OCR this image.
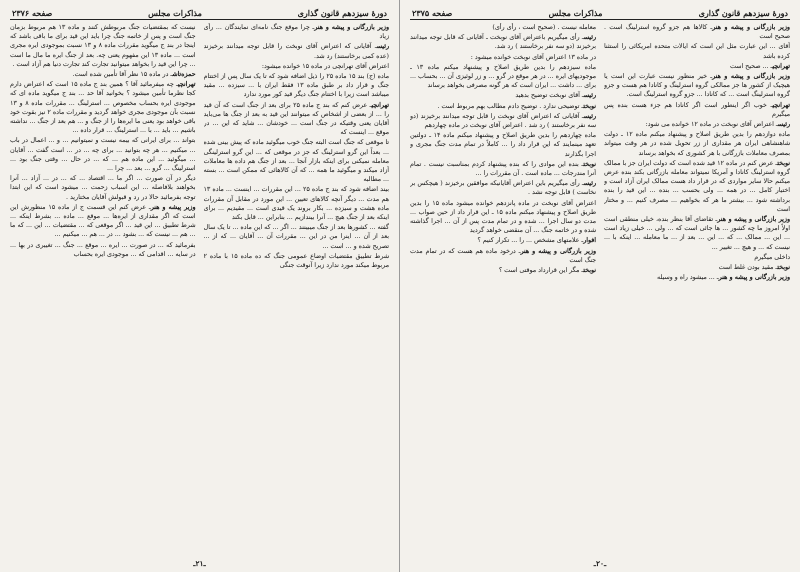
دورهٔ سیزدهم قانون گذاری
مذاکرات مجلس
صفحه ۲۳۷۶

وزیر بازرگانی و پیشه و هنرـ چرا موقع جنگ نامه‌ای نمایندگان ... رأی زیاد

رئیسـ آقایانی که اعتراض آقای نوبخت را قابل توجه میدانند برخیزند (عده کمی برخاستند) رد شد.

اعتراض آقای تهرانچی در ماده ۱۵ خوانده میشود:

ماده (ج) بند ۱۵ ماده ۲۵ را ذیل اضافه شود که تا یک سال پس از اختتام جنگ و قرار داد بر طبق ماده ۱۳ فقط ایران با ... سیزده ... مقید میباشد است زیرا با اختتام جنگ دیگر قید کور مورد ندارد

تهرانچیـ عرض کنم که بند ج ماده ۲۵ برای بعد از جنگ است که آن قید را ... از بعضی از اشخاص که میتوانند این قید به بعد از جنگ ها می‌باید آقایان یعنی وقتیکه در جنگ است ... خودشان ... شاید که این ... در موقع ... اینست که

تا موقعی که جنگ است البته جنگ خوب میگوئید ماده که پیش بینی شده ... بعداً این گرو استرلینگ که جز در موقعی که ... این گرو استرلینگی معامله نمیکنی برای اینکه بازار آنجا ... بعد از جنگ هم داده ها معاملات آزاد میکند و میگوئید ما همه ... که آن کالاهائی که ممکن است ... بسته ... مطالبه

بیند اضافه شود که بند ج ماده ۲۵ ... این مقررات ... اینست ... ماده ۱۳ هم مدت ... دیگر آنچه کالاهای تعیین ... این مورد در مقابل آن مقررات ماده هشت و سیزده ... بکار بروند یک قیدی است ... مقیدیم ... برای اینکه بعد از جنگ هیچ ... آنرا بیندازیم ... بنابراین ... قابل بکند

گفته ... کشورها بعد از جنگ میبینند ... اگر ... که این ماده ... تا یک سال بعد از آن ... اینرا من در این ... مقررات آن ... آقایان ... که از ... تصریح شده و ... است ...

شرط تطبیق مقتضیات اوضاع عمومی جنگ که ده ماده ۱۵ با ماده ۲ مربوط میکند مورد ندارد زیرا آنوقت جنگی

نیست که بمقتضیات جنگ مربوطش کنند و ماده ۱۳ هم مربوط بزمان جنگ است و پس از خاتمه جنگ چرا باید این قید برای ما باقی باشد که اینجا در بند ج میگوید مقررات ماده ۸ و ۱۳ نسبت بموجودی ایره مجری است ... ماده ۱۳ این مفهوم یعنی چه. بعد از جنگ ایره ما مال ما است ... چرا این قید را بخواهد میتوانید تجارت کند تجارت دنیا هم آزاد است .

حمزه‌تاشـ در ماده ۱۵ نظر آقا تأمین شده است.

تهرانچیـ چه میفرمائید آقا ؟ همین بند ج ماده ۱۵ است که اعتراض دارم کجا نظرما تأمین میشود ؟ بخوانید آقا حد ... بند ج میگوید ماده ای که موجودی ایره بحساب مخصوص ... استرلینگ ... مقررات ماده ۸ و ۱۳ نسبت بآن موجودی مجری خواهد گردید و مقررات ماده ۲ نیز بقوت خود باقی خواهد بود یعنی ما ایره‌ها را از جنگ و ... هم بعد از جنگ ... نداشته باشیم ... باید ... با ... استرلینگ ... قرار داده ...

بتواند ... برای ایرانی که بیمه نیست و نمیتوانیم ... و ... اعمال در باب ... میکنیم ... هر چه بتوانید ... برای چه ... در ... است گفت ... آقایان ... میگوئید ... این ماده هم ... که ... در حال ... وقتی جنگ بود ... استرلینگ ... گرو ... بعد ... چرا ...

دیگر در آن صورت ... اگر ما ... اقتصاد ... که ... در ... آزاد ... آنرا بخواهند بلافاصله ... این اسباب زحمت ... میشود است که این ابتدا توجه بفرمائید حالا در رد و قبولش آقایان مختارید .

وزیر پیشه و هنرـ عرض کنم این قسمت ج از ماده ۱۵ منظورش این است که اگر مقداری از ایره‌ها ... موقع ... ماده ... بشرط اینکه ... شرط تطبیق ... این قید ... اگر موقعی که ... مقتضیات ... این ... که ما ... هم ... نیست که ... بشود ... در ... هم ... میکنیم ...

بفرمائید که ... در صورت ... ایره ... موقع ... جنگ ... تغییری در بها ... در سایه ... اقدامی که ... موجودی ایره بحساب

ـ۲۱ـ
دورهٔ سیزدهم قانون گذاری
مذاکرات مجلس
صفحه ۲۳۷۵

وزیر بازرگانی و پیشه و هنرـ کالاها هم جزو گروه استرلینگ است . صحیح است

آقای ... این عبارت مثل این است که ایالات متحده امریکائی را استثنا کرده باشد

تهرانچیـ ... صحیح است

وزیر بازرگانی و پیشه و هنرـ خیر منظور نیست عبارت این است یا هیچیک از کشور ها جز ممالکی گروه استرلینگ و کانادا هم هست و جزو گروه استرلینگ است ... که کانادا ... جزو گروه استرلینگ است.

تهرانچیـ خوب اگر اینطور است اگر کانادا هم جزء هست بنده پس میگیرم

رئیسـ اعتراض آقای نوبخت در ماده ۱۲ خوانده می شود:

ماده دوازدهم را بدین طریق اصلاح و پیشنهاد میکنم ماده ۱۲ ـ دولت شاهنشاهی ایران هر مقداری از زر تحویل شده در هر وقت میتواند بمصرف معاملات بازرگانی با هر کشوری که بخواهد برساند

نوبختـ عرض کنم در ماده ۱۲ قید شده است که دولت ایران جز با ممالک گروه استرلینگ کانادا و آمریکا نمیتواند معامله بازرگانی بکند بنده عرض میکنم حالا سایر مواردی که در قرار داد هست ممالک ایران آزاد است و اختیار کامل ... در همه ... ولی بحسب ... بنده ... این قید را بنده برداشته شود ... بیشتر ما هر که بخواهیم ... مصرف کنیم ... و مختار است

وزیر بازرگانی و پیشه و هنرـ تقاضای آقا بنظر بنده، خیلی منطقی است اولاً امروز ما چه کشور ... ها جائی است که ... ولی ... خیلی زیاد است ... این ... ممالک ... که ... این ... بعد از ... ما معامله ... اینکه با ... نیست که ... و هیچ ... تغییر ...

داخلی میگیرم

نوبختـ مقید بودن غلط است

وزیر بازرگانی و پیشه و هنرـ ... میشود راه و وسیله

معامله نیست . (صحیح است ، رأی رأی)

رئیسـ رأی میگیریم باعتراض آقای نوبخت ـ آقایانی که قابل توجه میدانند برخیزند (دو سه نفر برخاستند ) رد شد.

در ماده ۱۳ اعتراض آقای نوبخت خوانده میشود :

ماده سیزدهم را بدین طریق اصلاح و پیشنهاد میکنم ماده ۱۳ ـ موجودیهای ایره ... در هر موقع در گرو ... و زر لوئیزی آن ... بحساب ... برای ... داشت ... ایران است که هر گونه مصرفی بخواهد برساند

رئیسـ آقای نوبخت توضیح بدهید

نوبختـ توضیحی ندارد . توضیح دادم مطالب بهم مربوط است .

رئیسـ آقایانی که اعتراض آقای نوبخت را قابل توجه میدانند برخیزند (دو سه نفر برخاستند ) رد شد . اعتراض آقای نوبخت در ماده چهاردهم

ماده چهاردهم را بدین طریق اصلاح و پیشنهاد میکنم ماده ۱۴ ـ دولتین تعهد مینمایند که این قرار داد را ... کاملاً در تمام مدت جنگ مجری و اجرا بگذارند

نوبختـ بنده این موادی را که بنده پیشنهاد کردم بمناسبت نیست . تمام آنرا مندرجات ... ماده است . آن مقررات را ...

رئیسـ رأی میگیریم باین اعتراض آقایانیکه موافقین برخیزند ( هیچکس بر نخاست ) قابل توجه نشد .

اعتراض آقای نوبخت در ماده پانزدهم خوانده میشود ماده ۱۵ را بدین طریق اصلاح و پیشنهاد میکنم ماده ۱۵ ـ این قرار داد از حین صواب ... مدت دو سال اجرا ... شده و در تمام مدت پس از آن ... اجرا گذاشته شده و در خاتمه جنگ ... آن منقضی خواهد گردید

افوارـ علامتهای مشخص ... را ... تکرار کنیم ؟

وزیر بازرگانی و پیشه و هنرـ درخود ماده هم هست که در تمام مدت جنگ است

نوبختـ مگر این قرارداد موقتی است ؟

ـ۲۰ـ
